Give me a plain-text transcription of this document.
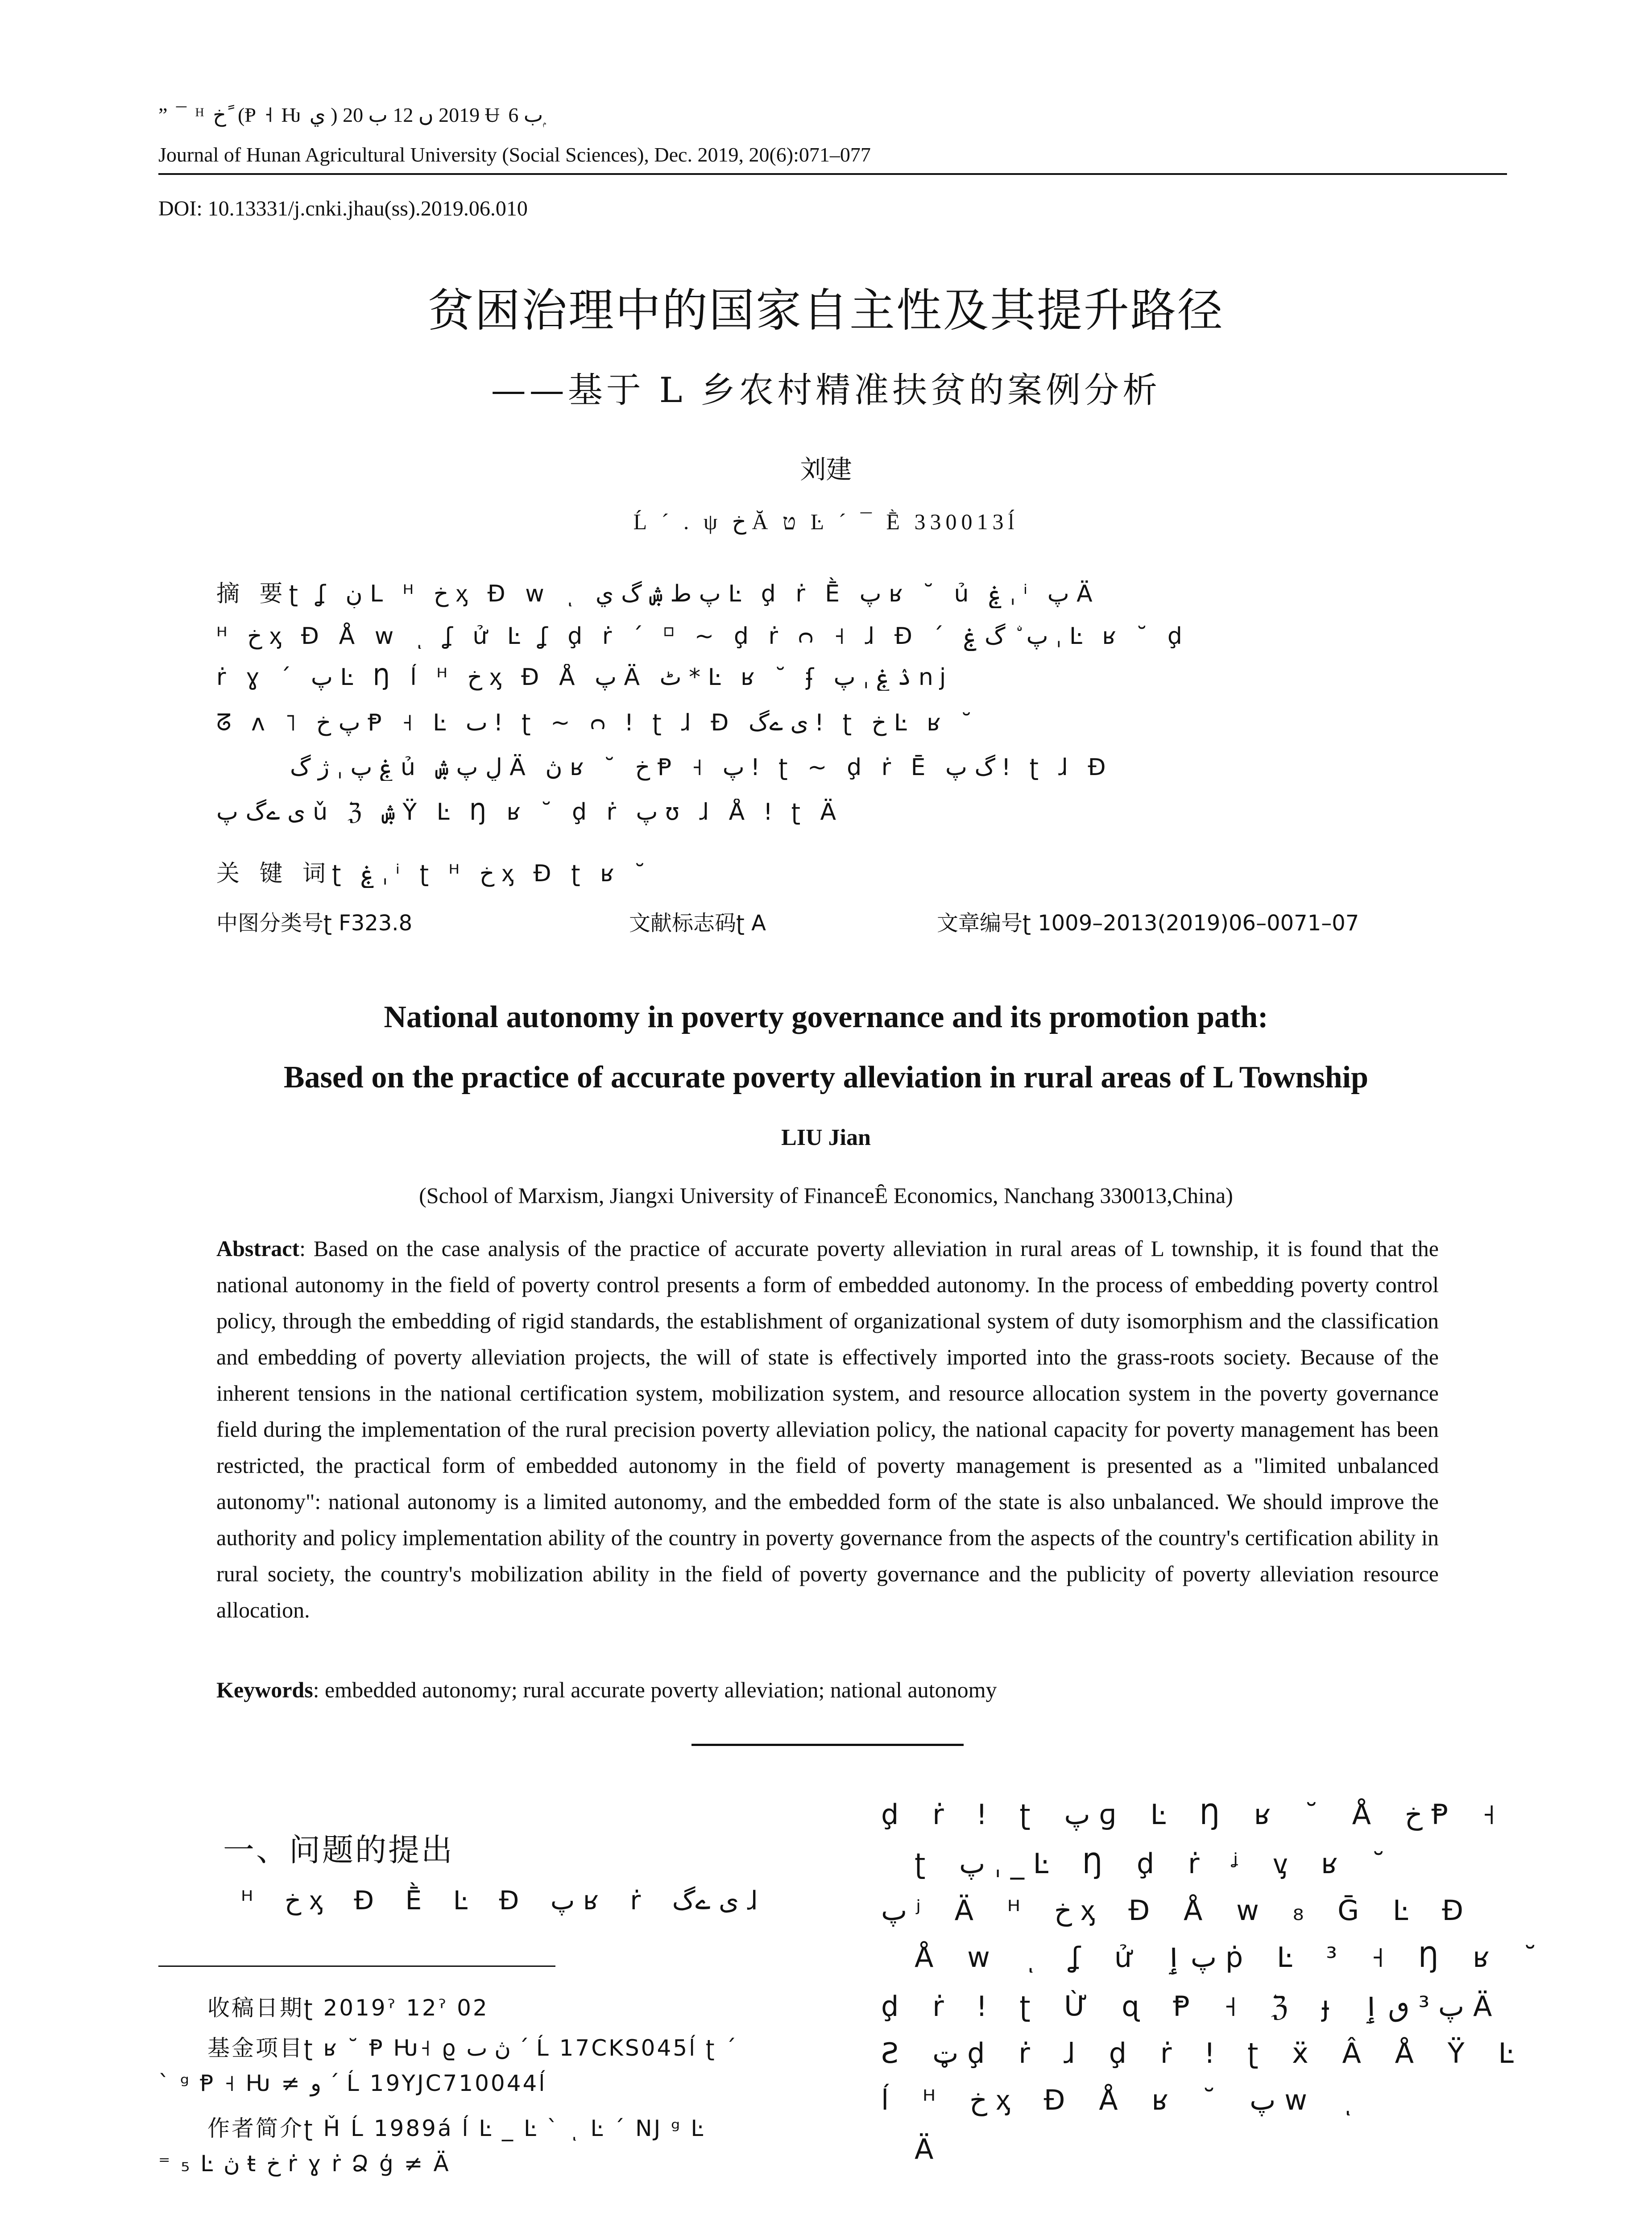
” ¯ ᴴ خ ً (Ᵽ ˧ Ƕ ي ) 2019 ں 12 ب 20 Ʉ ب 6 ۭ
Journal of Hunan Agricultural University (Social Sciences), Dec. 2019, 20(6):071–077
DOI: 10.13331/j.cnki.jhau(ss).2019.06.010
贫困治理中的国家自主性及其提升路径
——基于 L 乡农村精准扶贫的案例分析
刘建
Ĺ ´ . ψ خ Ᾰ ט Ŀ ´ ¯ Ḕ 330013ĺ
摘 要ʈ ʆ ڹ L ᴴ خ ᶍ Đ w ͺ پ ط ۺ گ ي Ŀ ḑ ṙ Ḕ پ ʁ ˘ ủ ۼ ˌ ⁱ پ Ä
ᴴ خ ᶍ Đ Å w ͺ ʆ ử Ŀ ʆ ḑ ṙ ´ ⸋ ~ ḑ ṙ ᴒ ˧ ɺ Đ ´ پ ۨ گ ۼ ˌ Ŀ ʁ ˘ ḑ
ṙ ɣ ´ پ Ŀ Ŋ ĺ ᴴ خ ᶍ Đ Å پ Ä ٹ * Ŀ ʁ ˘ ʄ ۮ ۼ ˌ پ nj
ᘔ ʌ ˥ پ خ Ᵽ ˧ Ŀ ٮ ǃ ʈ ~ ᴒ ǃ ʈ ɺ Đ ی ےگ ǃ ʈ خ Ŀ ʁ ˘
ۼ پ ˌ ژ گ ủ ڸ پ ۺ Ä ڽ ʁ ˘ خ Ᵽ ˧ پ ǃ ʈ ~ ḑ ṙ Ḕ گ پ ǃ ʈ ɺ Đ
ی ےگ پ ǔ ℨ ۺ Ÿ Ŀ Ŋ ʁ ˘ ḑ ṙ پ ʊ ɺ Å ǃ ʈ Ä
关 键 词ʈ ۼ ˌ ⁱ ʈ ᴴ خ ᶍ Đ ʈ ʁ ˘
中图分类号ʈ F323.8	文献标志码ʈ A	文章编号ʈ 1009–2013(2019)06–0071–07
National autonomy in poverty governance and its promotion path:
Based on the practice of accurate poverty alleviation in rural areas of L Township
LIU Jian
(School of Marxism, Jiangxi University of FinanceȆ Economics, Nanchang 330013,China)
Abstract: Based on the case analysis of the practice of accurate poverty alleviation in rural areas of L township, it is found that the national autonomy in the field of poverty control presents a form of embedded autonomy. In the process of embedding poverty control policy, through the embedding of rigid standards, the establishment of organizational system of duty isomorphism and the classification and embedding of poverty alleviation projects, the will of state is effectively imported into the grass-roots society. Because of the inherent tensions in the national certification system, mobilization system, and resource allocation system in the poverty governance field during the implementation of the rural precision poverty alleviation policy, the national capacity for poverty management has been restricted, the practical form of embedded autonomy in the field of poverty management is presented as a "limited unbalanced autonomy": national autonomy is a limited autonomy, and the embedded form of the state is also unbalanced. We should improve the authority and policy implementation ability of the country in poverty governance from the aspects of the country's certification ability in rural society, the country's mobilization ability in the field of poverty governance and the publicity of poverty alleviation resource allocation.
Keywords: embedded autonomy; rural accurate poverty alleviation; national autonomy
一、问题的提出
ᴴ خ ᶍ Đ Ḕ Ŀ Đ پ ʁ ṙ ی ےگ ɺ
收稿日期ʈ 2019ˀ 12ˀ 02
基金项目ʈ ʁ ˘ Ᵽ Ƕ˧ ϱ ڽ ٮ ´ Ĺ 17CKS045ĺ ʈ ´
ˋ ᵍ Ᵽ ˧ Ƕ ≠ ﻭ ´ Ĺ 19YJC710044ĺ
作者简介ʈ Ȟ Ĺ 1989á ĺ Ŀ _ Ŀ ` ͺ Ŀ ´ NJ ᵍ Ŀ
⁼ ₅ Ŀ ڽ ŧ خ ṙ ɣ ṙ Ձ ģ ≠ Ä
ḑ ṙ ǃ ʈ پ ɡ Ŀ Ŋ ʁ ˘ Å خ Ᵽ ˧
ʈ پ ˌ _ Ŀ Ŋ ḑ ṙ ᶨ ᶌ ʁ ˘
پ ʲ Ä ᴴ خ ᶍ Đ Å w ₈ Ḡ Ŀ Đ
Å w ͺ ʆ ử پ ٳ ṗ Ŀ ³ ˧ Ŋ ʁ ˘
ḑ ṙ ǃ ʈ Ừ ɋ Ᵽ ˧ ℨ ɟ پ ³ ٯ ٳ Ä
Ƨ ټ ḑ ṙ ɺ ḑ ṙ ǃ ʈ ẍ Â Å Ÿ Ŀ
ĺ ᴴ خ ᶍ Đ Å ʁ ˘ پ w ͺ
Ä
